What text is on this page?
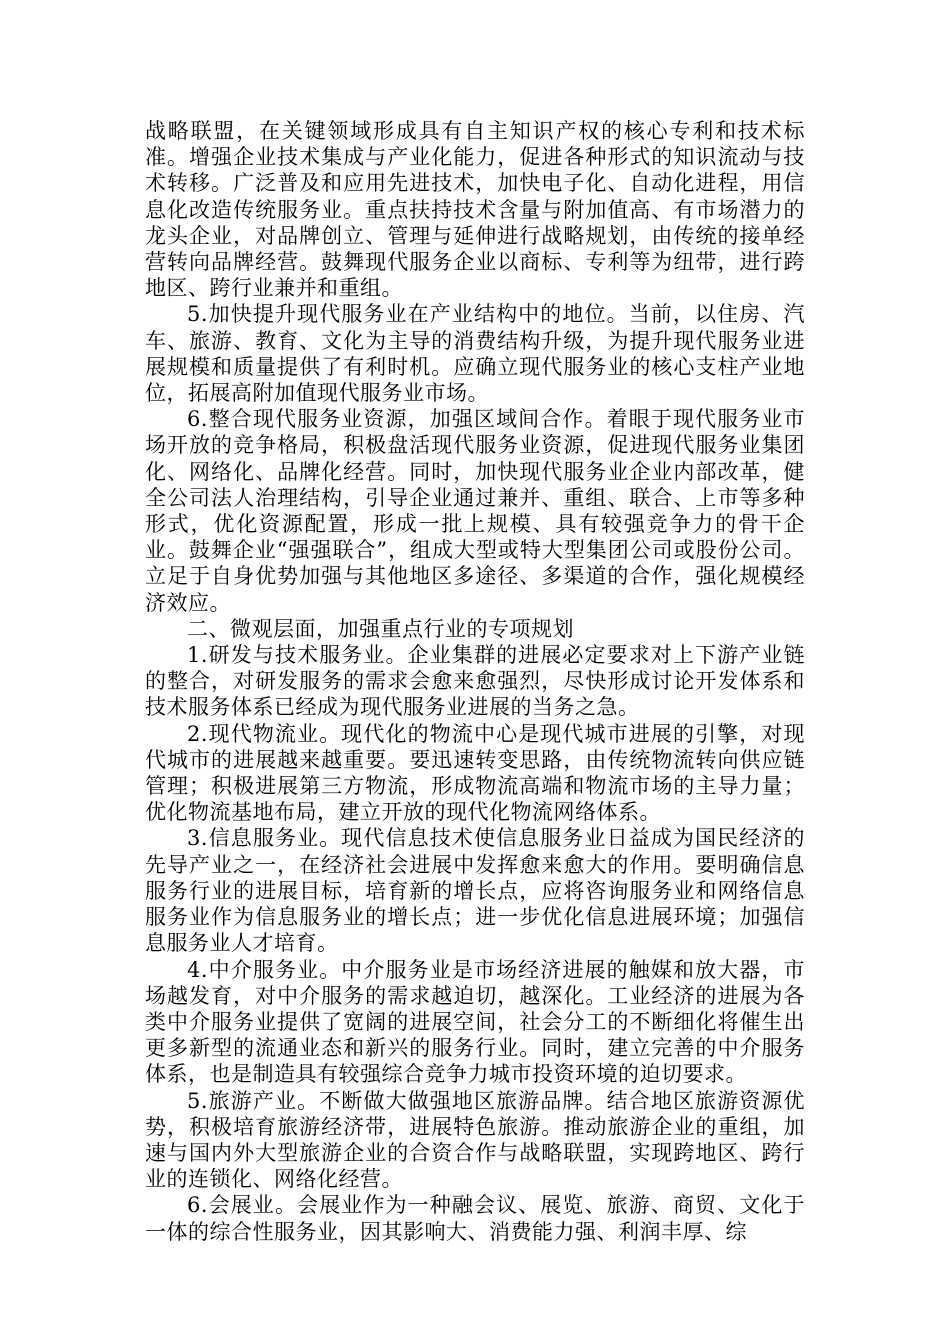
战略联盟，在关键领域形成具有自主知识产权的核心专利和技术标准。增强企业技术集成与产业化能力，促进各种形式的知识流动与技术转移。广泛普及和应用先进技术，加快电子化、自动化进程，用信息化改造传统服务业。重点扶持技术含量与附加值高、有市场潜力的龙头企业，对品牌创立、管理与延伸进行战略规划，由传统的接单经营转向品牌经营。鼓舞现代服务企业以商标、专利等为纽带，进行跨地区、跨行业兼并和重组。

5.加快提升现代服务业在产业结构中的地位。当前，以住房、汽车、旅游、教育、文化为主导的消费结构升级，为提升现代服务业进展规模和质量提供了有利时机。应确立现代服务业的核心支柱产业地位，拓展高附加值现代服务业市场。

6.整合现代服务业资源，加强区域间合作。着眼于现代服务业市场开放的竞争格局，积极盘活现代服务业资源，促进现代服务业集团化、网络化、品牌化经营。同时，加快现代服务业企业内部改革，健全公司法人治理结构，引导企业通过兼并、重组、联合、上市等多种形式，优化资源配置，形成一批上规模、具有较强竞争力的骨干企业。鼓舞企业“强强联合”，组成大型或特大型集团公司或股份公司。立足于自身优势加强与其他地区多途径、多渠道的合作，强化规模经济效应。

二、微观层面，加强重点行业的专项规划

1.研发与技术服务业。企业集群的进展必定要求对上下游产业链的整合，对研发服务的需求会愈来愈强烈，尽快形成讨论开发体系和技术服务体系已经成为现代服务业进展的当务之急。

2.现代物流业。现代化的物流中心是现代城市进展的引擎，对现代城市的进展越来越重要。要迅速转变思路，由传统物流转向供应链管理；积极进展第三方物流，形成物流高端和物流市场的主导力量；优化物流基地布局，建立开放的现代化物流网络体系。

3.信息服务业。现代信息技术使信息服务业日益成为国民经济的先导产业之一，在经济社会进展中发挥愈来愈大的作用。要明确信息服务行业的进展目标，培育新的增长点，应将咨询服务业和网络信息服务业作为信息服务业的增长点；进一步优化信息进展环境；加强信息服务业人才培育。

4.中介服务业。中介服务业是市场经济进展的触媒和放大器，市场越发育，对中介服务的需求越迫切，越深化。工业经济的进展为各类中介服务业提供了宽阔的进展空间，社会分工的不断细化将催生出更多新型的流通业态和新兴的服务行业。同时，建立完善的中介服务体系，也是制造具有较强综合竞争力城市投资环境的迫切要求。

5.旅游产业。不断做大做强地区旅游品牌。结合地区旅游资源优势，积极培育旅游经济带，进展特色旅游。推动旅游企业的重组，加速与国内外大型旅游企业的合资合作与战略联盟，实现跨地区、跨行业的连锁化、网络化经营。

6.会展业。会展业作为一种融会议、展览、旅游、商贸、文化于一体的综合性服务业，因其影响大、消费能力强、利润丰厚、综
